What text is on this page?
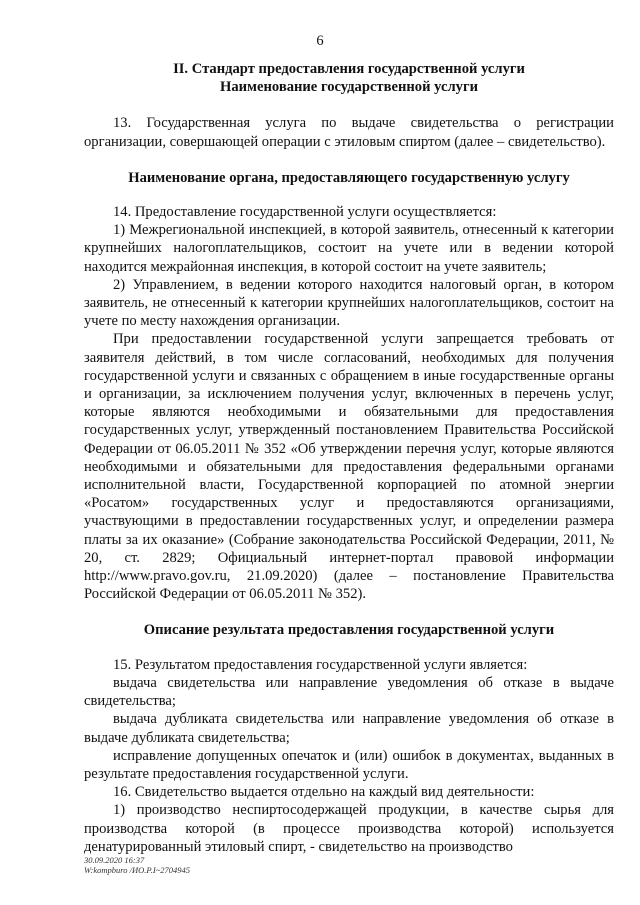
6
II. Стандарт предоставления государственной услуги
Наименование государственной услуги

13. Государственная услуга по выдаче свидетельства о регистрации организации, совершающей операции с этиловым спиртом (далее – свидетельство).

Наименование органа, предоставляющего государственную услугу

14. Предоставление государственной услуги осуществляется:

1) Межрегиональной инспекцией, в которой заявитель, отнесенный к категории крупнейших налогоплательщиков, состоит на учете или в ведении которой находится межрайонная инспекция, в которой состоит на учете заявитель;

2) Управлением, в ведении которого находится налоговый орган, в котором заявитель, не отнесенный к категории крупнейших налогоплательщиков, состоит на учете по месту нахождения организации.

При предоставлении государственной услуги запрещается требовать от заявителя действий, в том числе согласований, необходимых для получения государственной услуги и связанных с обращением в иные государственные органы и организации, за исключением получения услуг, включенных в перечень услуг, которые являются необходимыми и обязательными для предоставления государственных услуг, утвержденный постановлением Правительства Российской Федерации от 06.05.2011 № 352 «Об утверждении перечня услуг, которые являются необходимыми и обязательными для предоставления федеральными органами исполнительной власти, Государственной корпорацией по атомной энергии «Росатом» государственных услуг и предоставляются организациями, участвующими в предоставлении государственных услуг, и определении размера платы за их оказание» (Собрание законодательства Российской Федерации, 2011, № 20, ст. 2829; Официальный интернет-портал правовой информации http://www.pravo.gov.ru, 21.09.2020) (далее – постановление Правительства Российской Федерации от 06.05.2011 № 352).

Описание результата предоставления государственной услуги

15. Результатом предоставления государственной услуги является:

выдача свидетельства или направление уведомления об отказе в выдаче свидетельства;

выдача дубликата свидетельства или направление уведомления об отказе в выдаче дубликата свидетельства;

исправление допущенных опечаток и (или) ошибок в документах, выданных в результате предоставления государственной услуги.

16. Свидетельство выдается отдельно на каждый вид деятельности:

1) производство неспиртосодержащей продукции, в качестве сырья для производства которой (в процессе производства которой) используется денатурированный этиловый спирт, - свидетельство на производство

30.09.2020 16:37
W:kompburo /ИО.Р.I~2704945
